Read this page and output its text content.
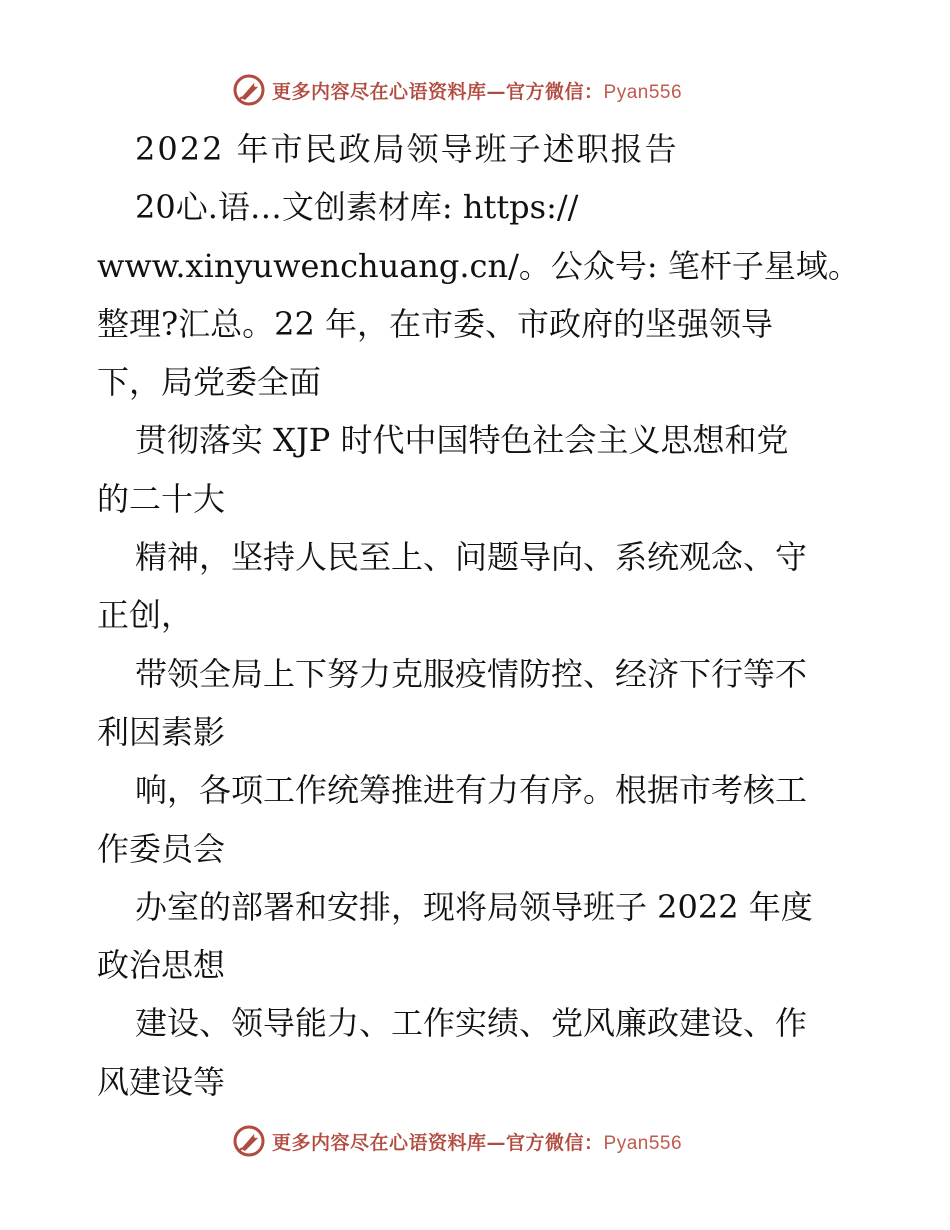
更多内容尽在心语资料库—官方微信：Pyan556
2022 年市民政局领导班子述职报告
20心.语…文创素材库: https://
www.xinyuwenchuang.cn/。公众号: 笔杆子星域。
整理?汇总。22 年，在市委、市政府的坚强领导
下，局党委全面
贯彻落实 XJP 时代中国特色社会主义思想和党
的二十大
精神，坚持人民至上、问题导向、系统观念、守
正创，
带领全局上下努力克服疫情防控、经济下行等不
利因素影
响，各项工作统筹推进有力有序。根据市考核工
作委员会
办室的部署和安排，现将局领导班子 2022 年度
政治思想
建设、领导能力、工作实绩、党风廉政建设、作
风建设等
更多内容尽在心语资料库—官方微信：Pyan556
